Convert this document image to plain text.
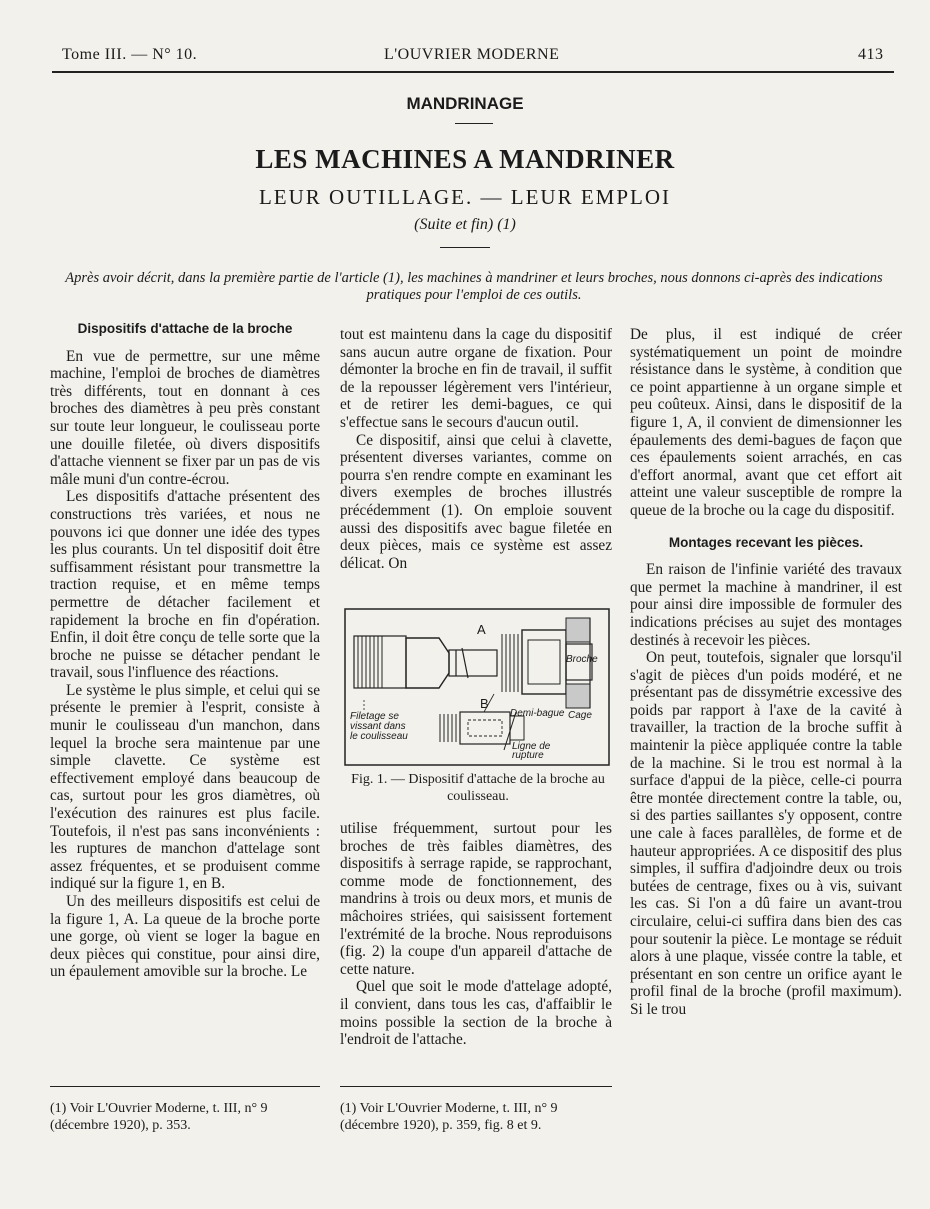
Tome III. — N° 10.	L'OUVRIER MODERNE	413
MANDRINAGE
LES MACHINES A MANDRINER
LEUR OUTILLAGE. — LEUR EMPLOI
(Suite et fin) (1)
Après avoir décrit, dans la première partie de l'article (1), les machines à mandriner et leurs broches, nous donnons ci-après des indications pratiques pour l'emploi de ces outils.
Dispositifs d'attache de la broche

En vue de permettre, sur une même machine, l'emploi de broches de diamètres très différents, tout en donnant à ces broches des diamètres à peu près constant sur toute leur longueur, le coulisseau porte une douille filetée, où divers dispositifs d'attache viennent se fixer par un pas de vis mâle muni d'un contre-écrou.

Les dispositifs d'attache présentent des constructions très variées, et nous ne pouvons ici que donner une idée des types les plus courants. Un tel dispositif doit être suffisamment résistant pour transmettre la traction requise, et en même temps permettre de détacher facilement et rapidement la broche en fin d'opération. Enfin, il doit être conçu de telle sorte que la broche ne puisse se détacher pendant le travail, sous l'influence des réactions.

Le système le plus simple, et celui qui se présente le premier à l'esprit, consiste à munir le coulisseau d'un manchon, dans lequel la broche sera maintenue par une simple clavette. Ce système est effectivement employé dans beaucoup de cas, surtout pour les gros diamètres, où l'exécution des rainures est plus facile. Toutefois, il n'est pas sans inconvénients : les ruptures de manchon d'attelage sont assez fréquentes, et se produisent comme indiqué sur la figure 1, en B.

Un des meilleurs dispositifs est celui de la figure 1, A. La queue de la broche porte une gorge, où vient se loger la bague en deux pièces qui constitue, pour ainsi dire, un épaulement amovible sur la broche. Le

(1) Voir L'Ouvrier Moderne, t. III, n° 9 (décembre 1920), p. 353.

tout est maintenu dans la cage du dispositif sans aucun autre organe de fixation. Pour démonter la broche en fin de travail, il suffit de la repousser légèrement vers l'intérieur, et de retirer les demi-bagues, ce qui s'effectue sans le secours d'aucun outil.

Ce dispositif, ainsi que celui à clavette, présentent diverses variantes, comme on pourra s'en rendre compte en examinant les divers exemples de broches illustrés précédemment (1). On emploie souvent aussi des dispositifs avec bague filetée en deux pièces, mais ce système est assez délicat. On

A
B
Broche
Filetage se vissant dans le coulisseau
Demi-bague Cage
Ligne de rupture
Fig. 1. — Dispositif d'attache de la broche au coulisseau.

utilise fréquemment, surtout pour les broches de très faibles diamètres, des dispositifs à serrage rapide, se rapprochant, comme mode de fonctionnement, des mandrins à trois ou deux mors, et munis de mâchoires striées, qui saisissent fortement l'extrémité de la broche. Nous reproduisons (fig. 2) la coupe d'un appareil d'attache de cette nature.

Quel que soit le mode d'attelage adopté, il convient, dans tous les cas, d'affaiblir le moins possible la section de la broche à l'endroit de l'attache.

(1) Voir L'Ouvrier Moderne, t. III, n° 9 (décembre 1920), p. 359, fig. 8 et 9.

De plus, il est indiqué de créer systématiquement un point de moindre résistance dans le système, à condition que ce point appartienne à un organe simple et peu coûteux. Ainsi, dans le dispositif de la figure 1, A, il convient de dimensionner les épaulements des demi-bagues de façon que ces épaulements soient arrachés, en cas d'effort anormal, avant que cet effort ait atteint une valeur susceptible de rompre la queue de la broche ou la cage du dispositif.

Montages recevant les pièces.

En raison de l'infinie variété des travaux que permet la machine à mandriner, il est pour ainsi dire impossible de formuler des indications précises au sujet des montages destinés à recevoir les pièces.

On peut, toutefois, signaler que lorsqu'il s'agit de pièces d'un poids modéré, et ne présentant pas de dissymétrie excessive des poids par rapport à l'axe de la cavité à travailler, la traction de la broche suffit à maintenir la pièce appliquée contre la table de la machine. Si le trou est normal à la surface d'appui de la pièce, celle-ci pourra être montée directement contre la table, ou, si des parties saillantes s'y opposent, contre une cale à faces parallèles, de forme et de hauteur appropriées. A ce dispositif des plus simples, il suffira d'adjoindre deux ou trois butées de centrage, fixes ou à vis, suivant les cas. Si l'on a dû faire un avant-trou circulaire, celui-ci suffira dans bien des cas pour soutenir la pièce. Le montage se réduit alors à une plaque, vissée contre la table, et présentant en son centre un orifice ayant le profil final de la broche (profil maximum). Si le trou
